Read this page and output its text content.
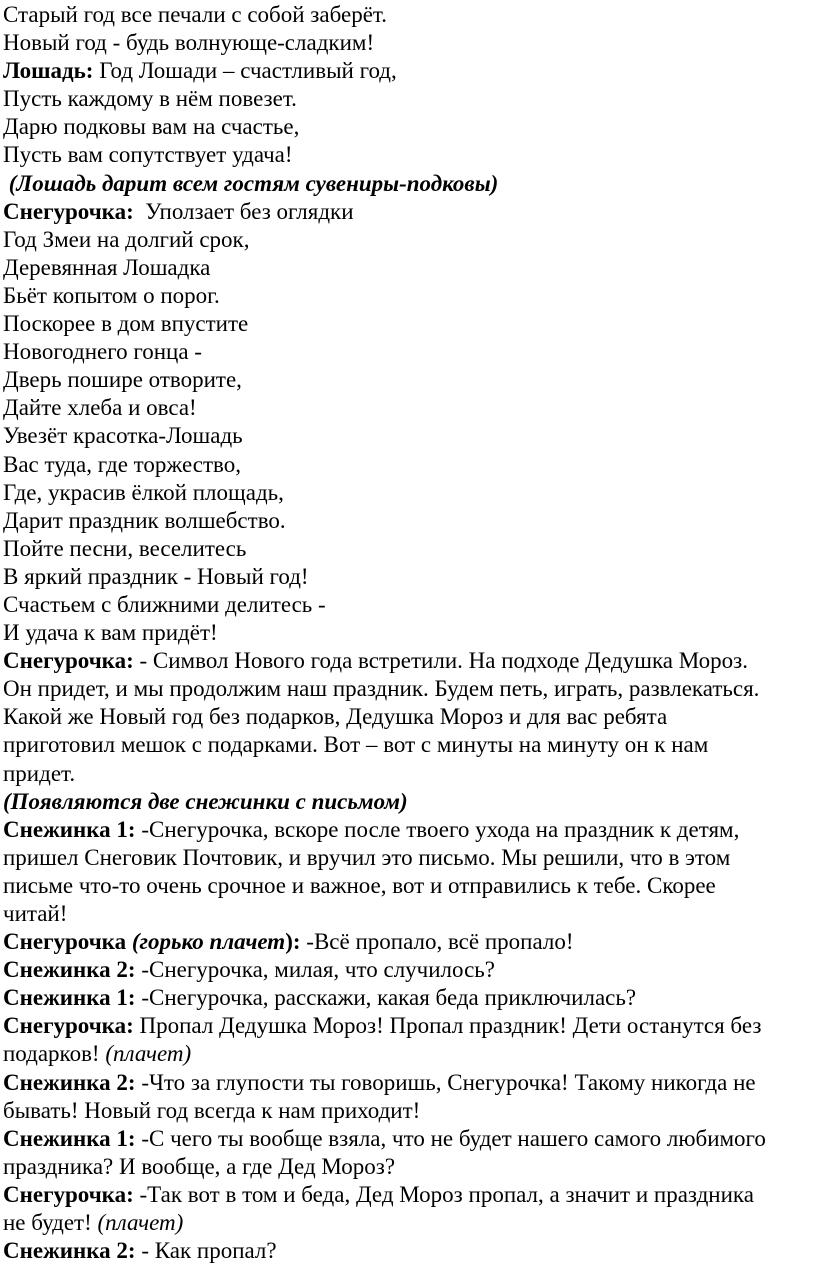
Старый год все печали с собой заберёт.
Новый год - будь волнующе-сладким!
Лошадь: Год Лошади – счастливый год,
Пусть каждому в нём повезет.
Дарю подковы вам на счастье,
Пусть вам сопутствует удача!
(Лошадь дарит всем гостям сувениры-подковы)
Снегурочка:  Уползает без оглядки
Год Змеи на долгий срок,
Деревянная Лошадка
Бьёт копытом о порог.
Поскорее в дом впустите
Новогоднего гонца -
Дверь пошире отворите,
Дайте хлеба и овса!
Увезёт красотка-Лошадь
Вас туда, где торжество,
Где, украсив ёлкой площадь,
Дарит праздник волшебство.
Пойте песни, веселитесь
В яркий праздник - Новый год!
Счастьем с ближними делитесь -
И удача к вам придёт!
Снегурочка: - Символ Нового года встретили. На подходе Дедушка Мороз.
Он придет, и мы продолжим наш праздник. Будем петь, играть, развлекаться.
Какой же Новый год без подарков, Дедушка Мороз и для вас ребята
приготовил мешок с подарками. Вот – вот с минуты на минуту он к нам
придет.
(Появляются две снежинки с письмом)
Снежинка 1: -Снегурочка, вскоре после твоего ухода на праздник к детям,
пришел Снеговик Почтовик, и вручил это письмо. Мы решили, что в этом
письме что-то очень срочное и важное, вот и отправились к тебе. Скорее
читай!
Снегурочка (горько плачет): -Всё пропало, всё пропало!
Снежинка 2: -Снегурочка, милая, что случилось?
Снежинка 1: -Снегурочка, расскажи, какая беда приключилась?
Снегурочка: Пропал Дедушка Мороз! Пропал праздник! Дети останутся без
подарков! (плачет)
Снежинка 2: -Что за глупости ты говоришь, Снегурочка! Такому никогда не
бывать! Новый год всегда к нам приходит!
Снежинка 1: -С чего ты вообще взяла, что не будет нашего самого любимого
праздника? И вообще, а где Дед Мороз?
Снегурочка: -Так вот в том и беда, Дед Мороз пропал, а значит и праздника
не будет! (плачет)
Снежинка 2: - Как пропал?
